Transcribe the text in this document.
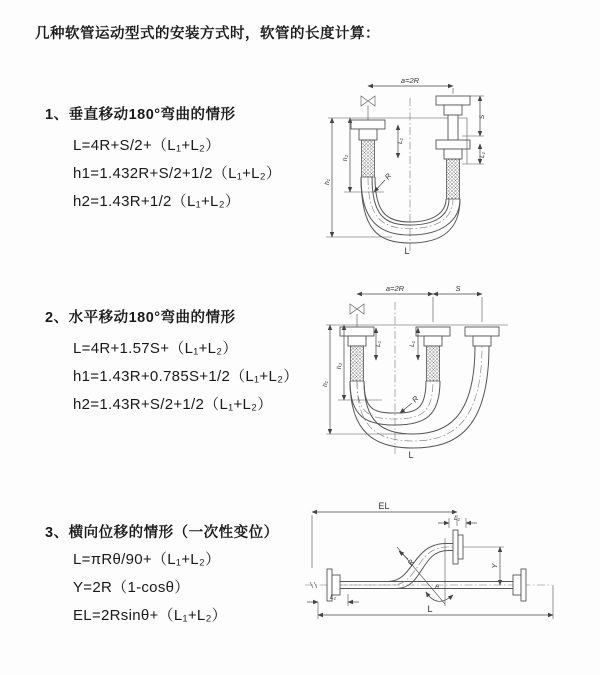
几种软管运动型式的安装方式时，软管的长度计算：
1、垂直移动180°弯曲的情形
L=4R+S/2+（L₁+L₂）
h1=1.432R+S/2+1/2（L₁+L₂）
h2=1.43R+1/2（L₁+L₂）
2、水平移动180°弯曲的情形
L=4R+1.57S+（L₁+L₂）
h1=1.43R+0.785S+1/2（L₁+L₂）
h2=1.43R+S/2+1/2（L₁+L₂）
3、横向位移的情形（一次性变位）
L=πRθ/90+（L₁+L₂）
Y=2R（1-cosθ）
EL=2Rsinθ+（L₁+L₂）
a=2R
h₁
h₂
L₁
S
L₁
R
L
a=2R	S
h₁
h₂
L₁	L₁
R
L
EL
L₁
Y
θ
R
L
L₁
